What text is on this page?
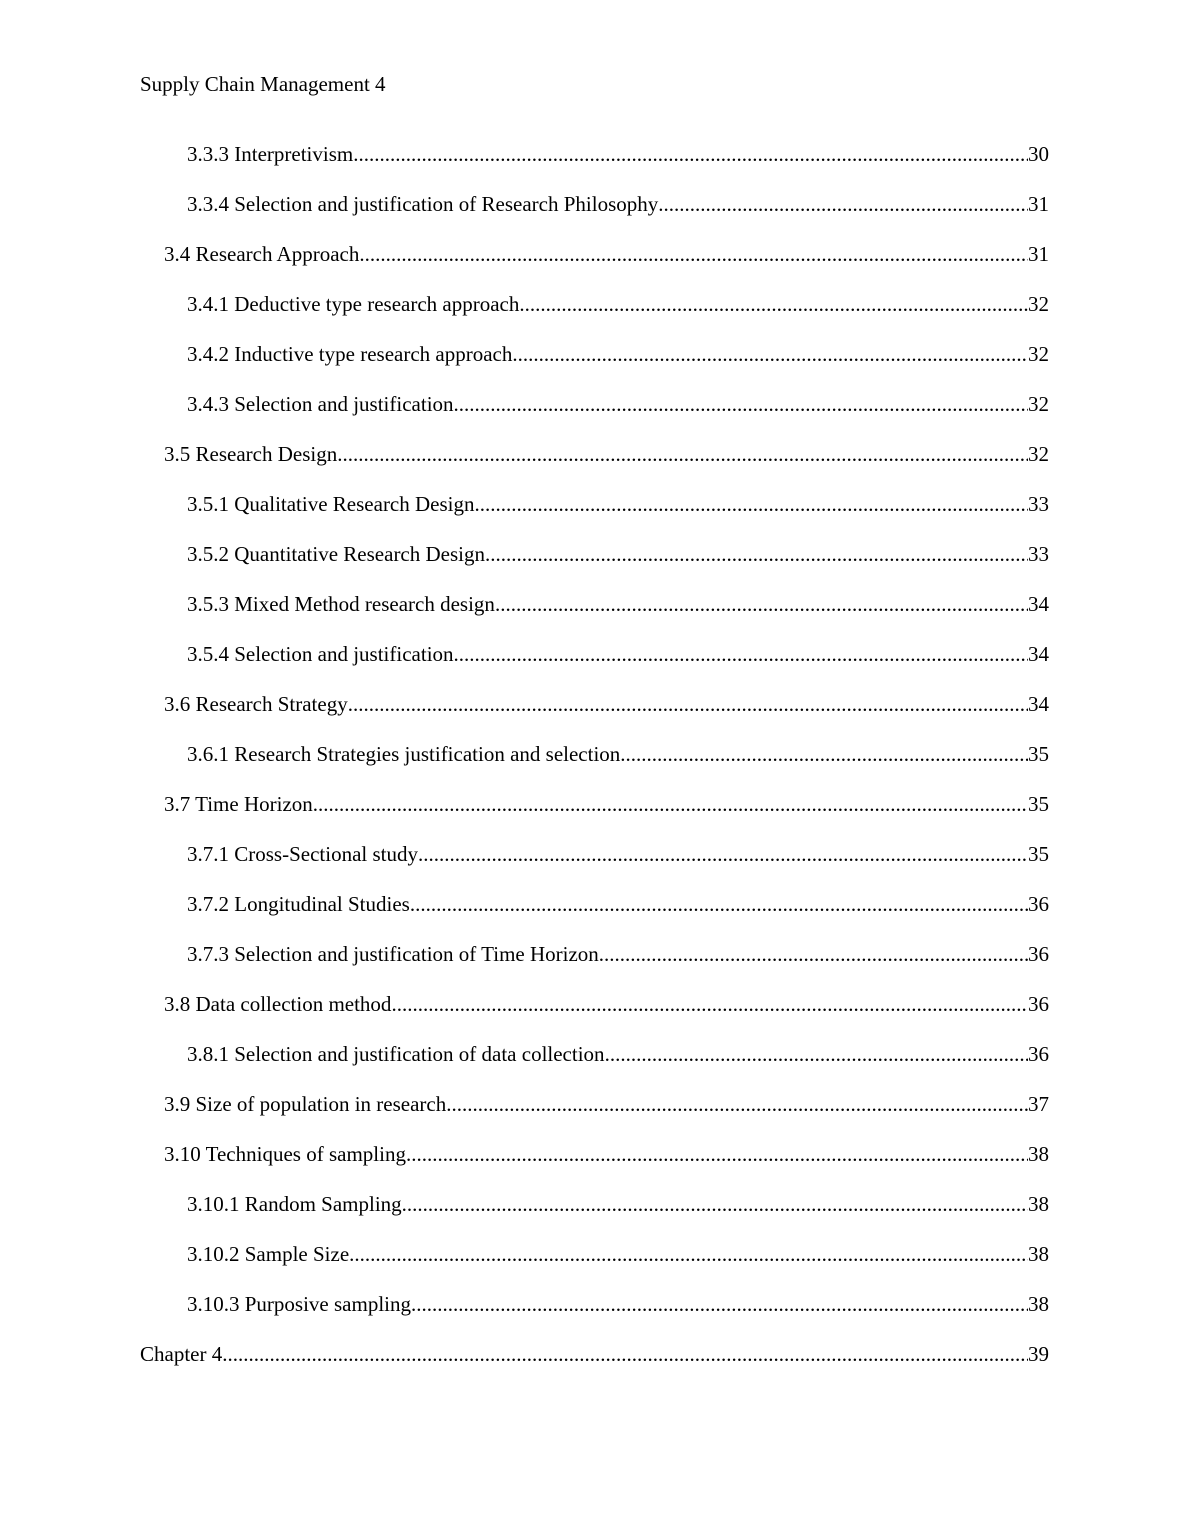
Supply Chain Management 4
3.3.3 Interpretivism .....	30
3.3.4 Selection and justification of Research Philosophy .....	31
3.4 Research Approach .....	31
3.4.1 Deductive type research approach .....	32
3.4.2 Inductive type research approach .....	32
3.4.3 Selection and justification .....	32
3.5 Research Design .....	32
3.5.1 Qualitative Research Design .....	33
3.5.2 Quantitative Research Design .....	33
3.5.3 Mixed Method research design .....	34
3.5.4 Selection and justification .....	34
3.6 Research Strategy .....	34
3.6.1 Research Strategies justification and selection .....	35
3.7 Time Horizon .....	35
3.7.1 Cross-Sectional study .....	35
3.7.2 Longitudinal Studies .....	36
3.7.3 Selection and justification of Time Horizon .....	36
3.8 Data collection method .....	36
3.8.1 Selection and justification of data collection .....	36
3.9 Size of population in research .....	37
3.10 Techniques of sampling .....	38
3.10.1 Random Sampling .....	38
3.10.2 Sample Size .....	38
3.10.3 Purposive sampling .....	38
Chapter 4 .....	39
